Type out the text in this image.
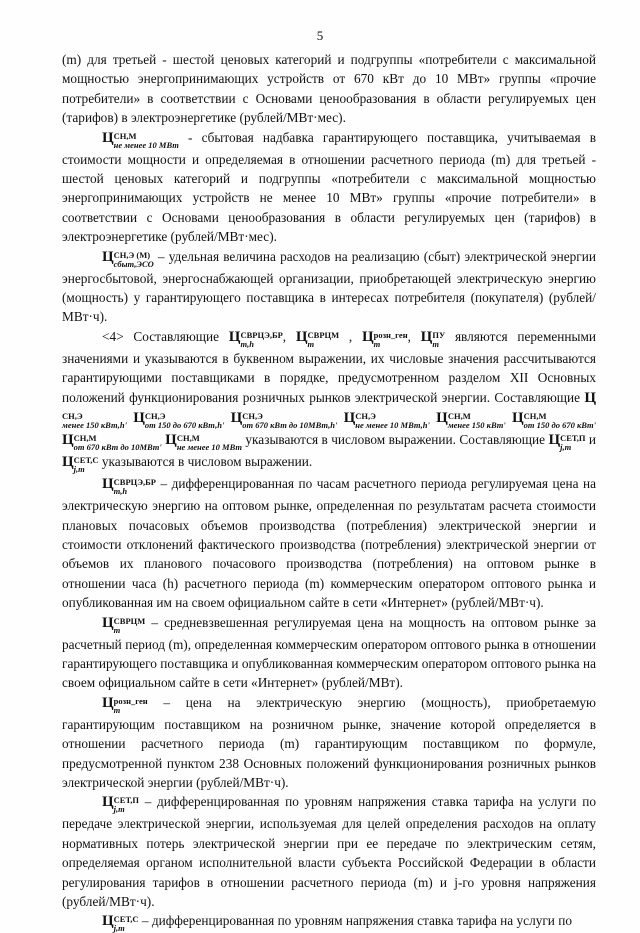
5

(m) для третьей - шестой ценовых категорий и подгруппы «потребители с максимальной мощностью энергопринимающих устройств от 670 кВт до 10 МВт» группы «прочие потребители» в соответствии с Основами ценообразования в области регулируемых цен (тарифов) в электроэнергетике (рублей/МВт·мес).

Ц СН,М
не менее 10 МВт - сбытовая надбавка гарантирующего поставщика, учитываемая в стоимости мощности и определяемая в отношении расчетного периода (m) для третьей - шестой ценовых категорий и подгруппы «потребители с максимальной мощностью энергопринимающих устройств не менее 10 МВт» группы «прочие потребители» в соответствии с Основами ценообразования в области регулируемых цен (тарифов) в электроэнергетике (рублей/МВт·мес).

Ц СН,Э (М)
сбыт,ЭСО – удельная величина расходов на реализацию (сбыт) электрической энергии энергосбытовой, энергоснабжающей организации, приобретающей электрическую энергию (мощность) у гарантирующего поставщика в интересах потребителя (покупателя) (рублей/МВт·ч).

<4> Составляющие Ц СВРЦЭ,БР
m,h	, Ц СВРЦМ
m	, Ц розн_ген
m	, Ц ПУ
m являются переменными значениями и указываются в буквенном выражении, их числовые значения рассчитываются гарантирующими поставщиками в порядке, предусмотренном разделом XII Основных положений функционирования розничных рынков электрической энергии. Составляющие Ц
СН,Э
менее 150 кВт,h' Ц СН,Э
от 150 до 670 кВт,h' Ц СН,Э
от 670 кВт до 10МВт,h' Ц СН,Э
не менее 10 МВт,h' Ц СН,М
менее 150 кВт' Ц СН,М
от 150 до 670 кВт'
Ц СН,М
от 670 кВт до 10МВт' Ц СН,М
не менее 10 МВт указываются в числовом выражении. Составляющие Ц СЕТ,П
j,m	и Ц СЕТ,С
j,m	указываются в числовом выражении.

Ц СВРЦЭ,БР
m,h	– дифференцированная по часам расчетного периода регулируемая цена на электрическую энергию на оптовом рынке, определенная по результатам расчета стоимости плановых почасовых объемов производства (потребления) электрической энергии и стоимости отклонений фактического производства (потребления) электрической энергии от объемов их планового почасового производства (потребления) на оптовом рынке в отношении часа (h) расчетного периода (m) коммерческим оператором оптового рынка и опубликованная им на своем официальном сайте в сети «Интернет» (рублей/МВт·ч).

Ц СВРЦМ
m	– средневзвешенная регулируемая цена на мощность на оптовом рынке за расчетный период (m), определенная коммерческим оператором оптового рынка в отношении гарантирующего поставщика и опубликованная коммерческим оператором оптового рынка на своем официальном сайте в сети «Интернет» (рублей/МВт).

Ц розн_ген
m	– цена на электрическую энергию (мощность), приобретаемую гарантирующим поставщиком на розничном рынке, значение которой определяется в отношении расчетного периода (m) гарантирующим поставщиком по формуле, предусмотренной пунктом 238 Основных положений функционирования розничных рынков электрической энергии (рублей/МВт·ч).

Ц СЕТ,П
j,m	– дифференцированная по уровням напряжения ставка тарифа на услуги по передаче электрической энергии, используемая для целей определения расходов на оплату нормативных потерь электрической энергии при ее передаче по электрическим сетям, определяемая органом исполнительной власти субъекта Российской Федерации в области регулирования тарифов в отношении расчетного периода (m) и j-го уровня напряжения (рублей/МВт·ч).

Ц СЕТ,С
j,m	– дифференцированная по уровням напряжения ставка тарифа на услуги по
